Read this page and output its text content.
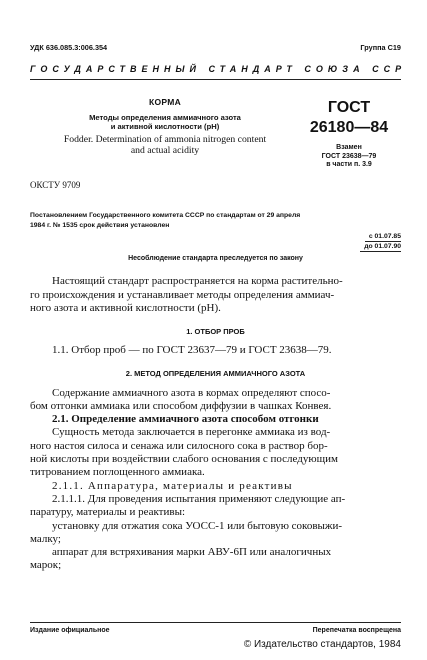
УДК 636.085.3:006.354	Группа С19
ГОСУДАРСТВЕННЫЙ СТАНДАРТ СОЮЗА ССР
КОРМА
Методы определения аммиачного азота
и активной кислотности (pH)
Fodder. Determination of ammonia nitrogen content
and actual acidity
ОКСТУ 9709
ГОСТ
26180—84
Взамен
ГОСТ 23638—79
в части п. 3.9
Постановлением Государственного комитета СССР по стандартам от 29 апреля
1984 г. № 1535 срок действия установлен
с 01.07.85
до 01.07.90
Несоблюдение стандарта преследуется по закону
Настоящий стандарт распространяется на корма растительно-
го происхождения и устанавливает методы определения аммиач-
ного азота и активной кислотности (pH).
1. ОТБОР ПРОБ
1.1. Отбор проб — по ГОСТ 23637—79 и ГОСТ 23638—79.
2. МЕТОД ОПРЕДЕЛЕНИЯ АММИАЧНОГО АЗОТА
Содержание аммиачного азота в кормах определяют спосо-
бом отгонки аммиака или способом диффузии в чашках Конвея.
2.1. Определение аммиачного азота способом отгонки
Сущность метода заключается в перегонке аммиака из вод-
ного настоя силоса и сенажа или силосного сока в раствор бор-
ной кислоты при воздействии слабого основания с последующим
титрованием поглощенного аммиака.
2.1.1. Аппаратура, материалы и реактивы
2.1.1.1. Для проведения испытания применяют следующие ап-
паратуру, материалы и реактивы:
установку для отжатия сока УОСС-1 или бытовую соковыжи-
малку;
аппарат для встряхивания марки АВУ-6П или аналогичных
марок;
Издание официальное	Перепечатка воспрещена
© Издательство стандартов, 1984
